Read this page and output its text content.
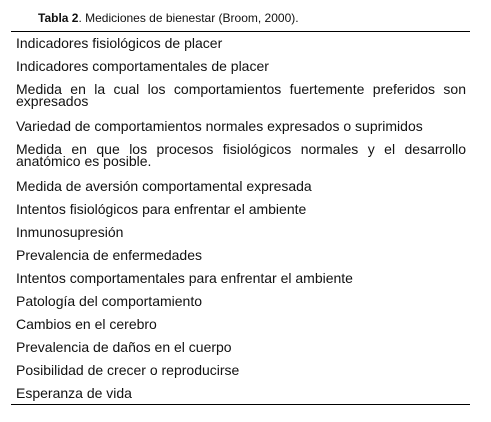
Tabla 2. Mediciones de bienestar (Broom, 2000).
Indicadores fisiológicos de placer
Indicadores comportamentales de placer
Medida en la cual los comportamientos fuertemente preferidos son expresados
Variedad de comportamientos normales expresados o suprimidos
Medida en que los procesos fisiológicos normales y el desarrollo anatómico es posible.
Medida de aversión comportamental expresada
Intentos fisiológicos para enfrentar el ambiente
Inmunosupresión
Prevalencia de enfermedades
Intentos comportamentales para enfrentar el ambiente
Patología del comportamiento
Cambios en el cerebro
Prevalencia de daños en el cuerpo
Posibilidad de crecer o reproducirse
Esperanza de vida
